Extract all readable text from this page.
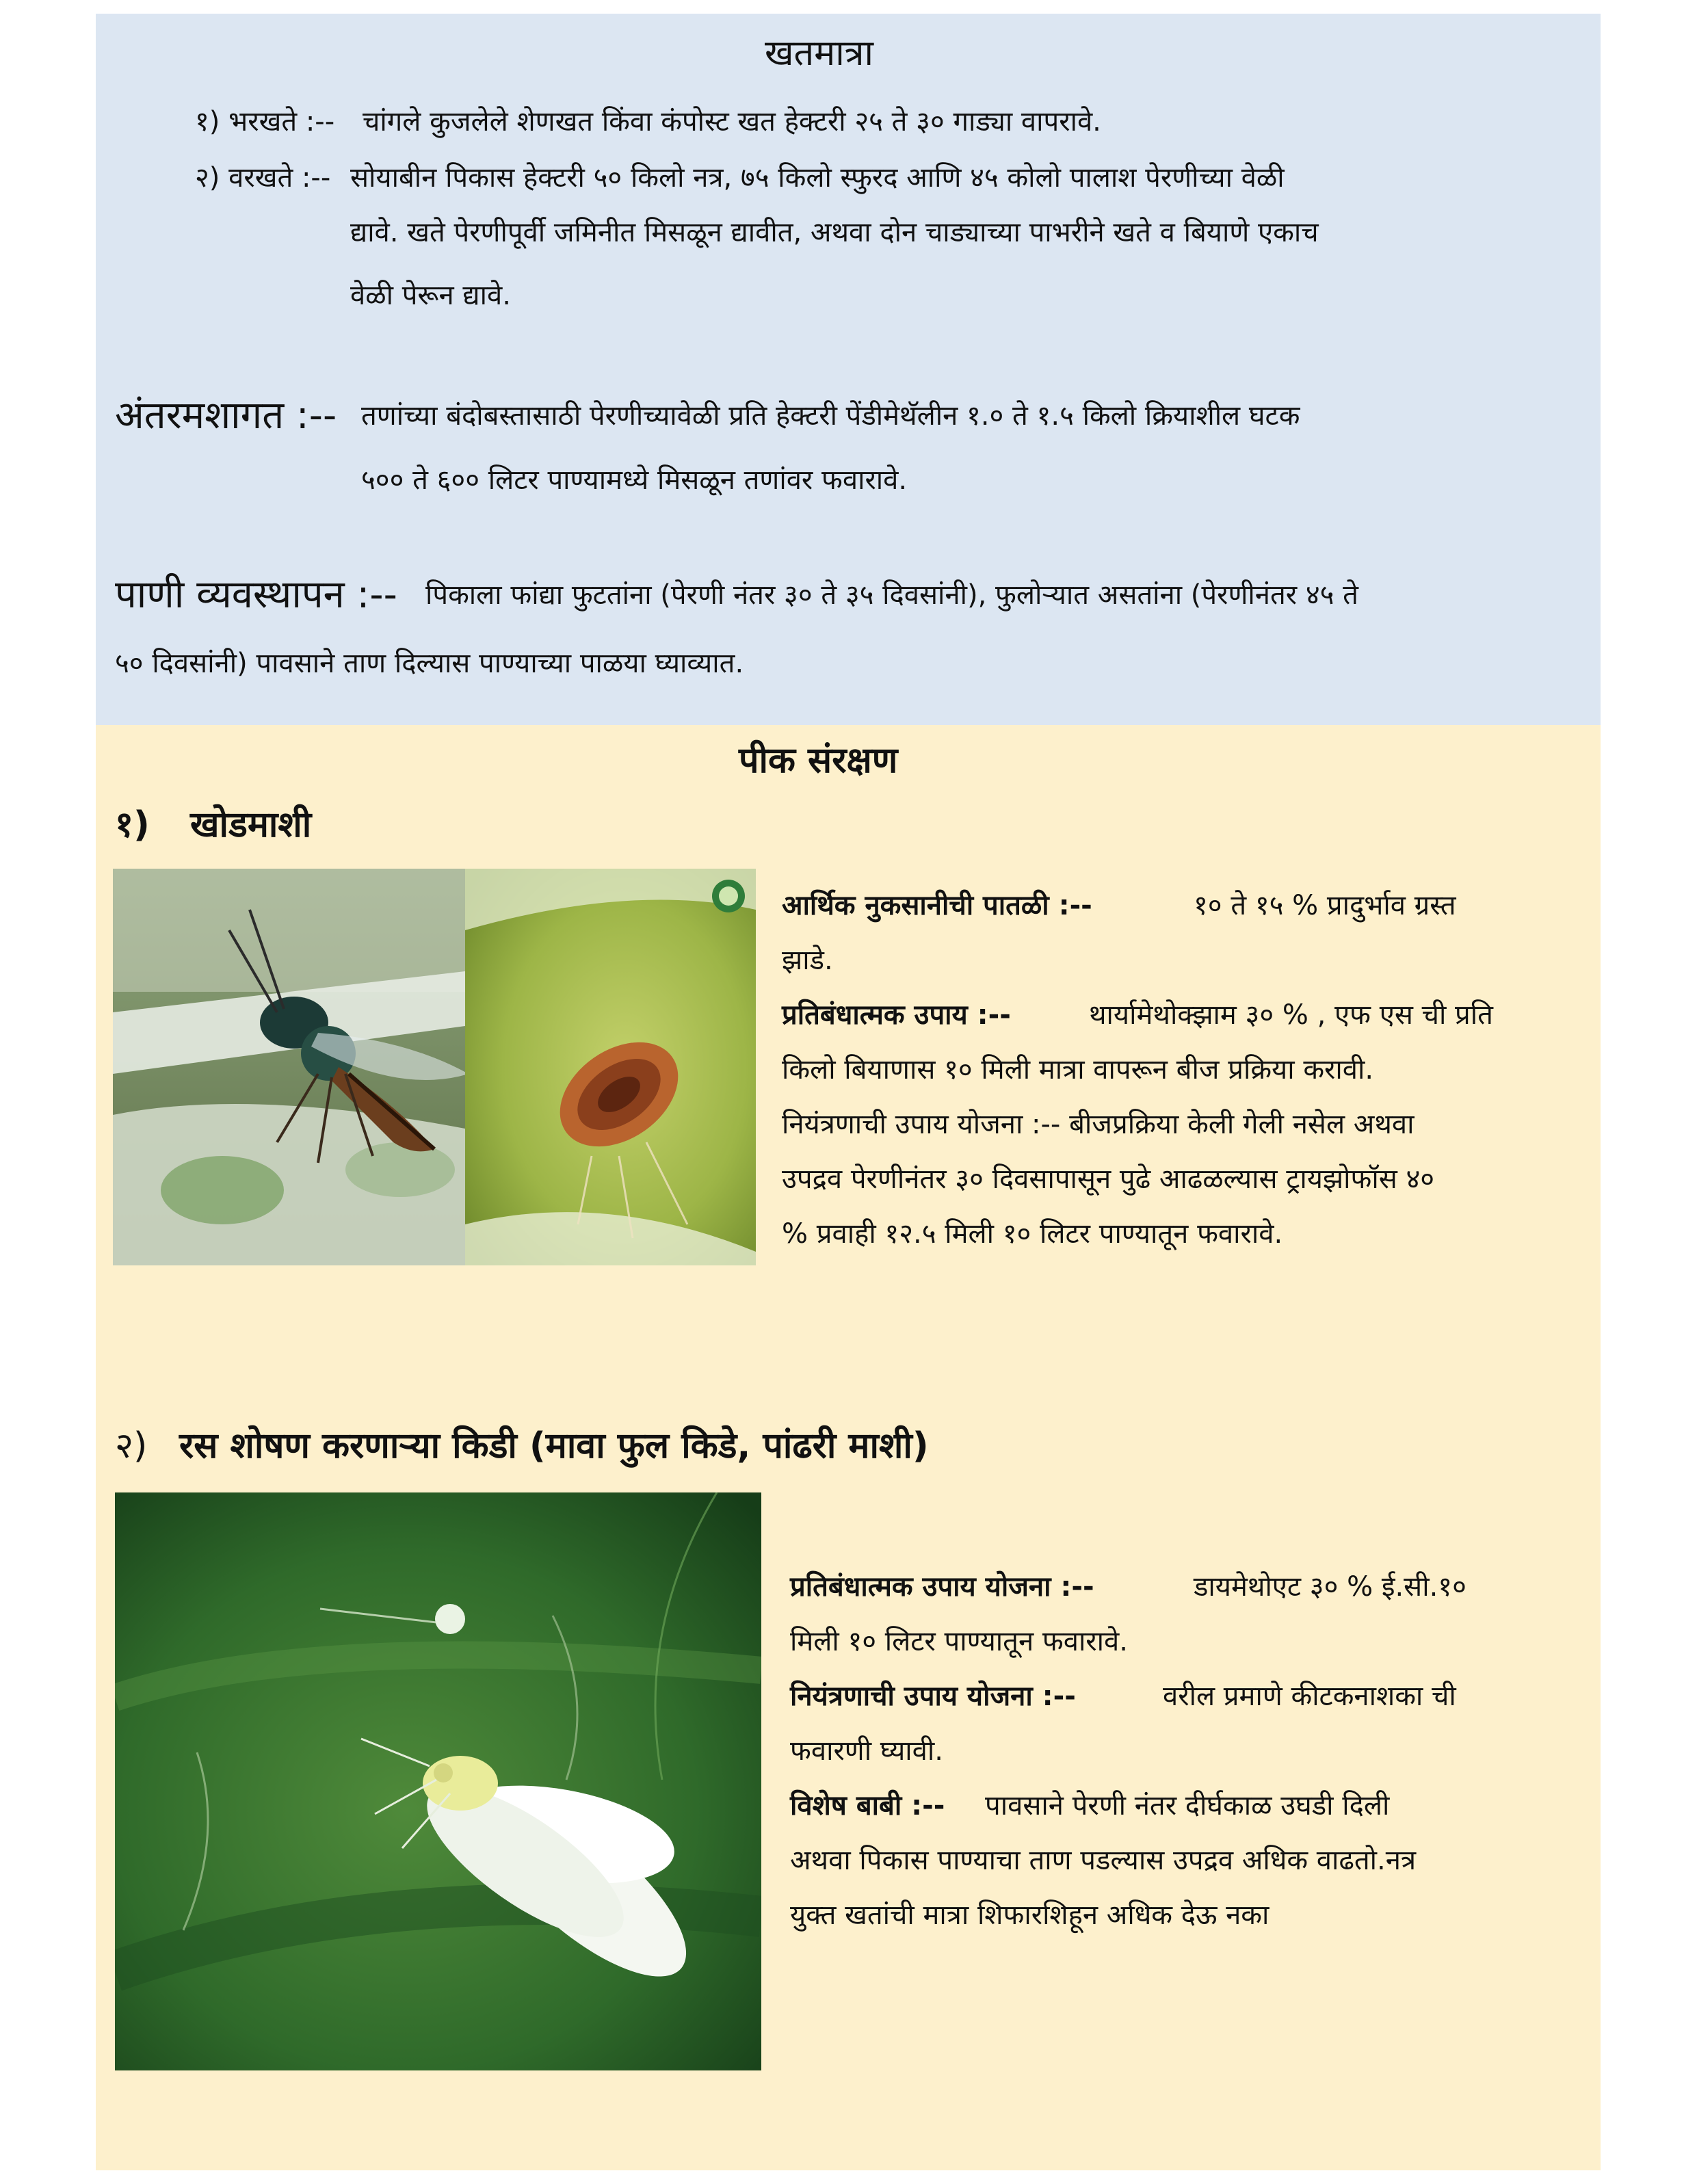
खतमात्रा
१) भरखते :-- चांगले कुजलेले शेणखत किंवा कंपोस्ट खत हेक्टरी २५ ते ३० गाड्या वापरावे.
२) वरखते :-- सोयाबीन पिकास हेक्टरी ५० किलो नत्र, ७५ किलो स्फुरद आणि ४५ कोलो पालाश पेरणीच्या वेळी
द्यावे. खते पेरणीपूर्वी जमिनीत मिसळून द्यावीत, अथवा दोन चाड्याच्या पाभरीने खते व बियाणे एकाच
वेळी पेरून द्यावे.
अंतरमशागत :-- तणांच्या बंदोबस्तासाठी पेरणीच्यावेळी प्रति हेक्टरी पेंडीमेथॅलीन १.० ते १.५ किलो क्रियाशील घटक
५०० ते ६०० लिटर पाण्यामध्ये मिसळून तणांवर फवारावे.
पाणी व्यवस्थापन :-- पिकाला फांद्या फुटतांना (पेरणी नंतर ३० ते ३५ दिवसांनी), फुलोऱ्यात असतांना (पेरणीनंतर ४५ ते
५० दिवसांनी) पावसाने ताण दिल्यास पाण्याच्या पाळया घ्याव्यात.
पीक संरक्षण
१) खोडमाशी
आर्थिक नुकसानीची पातळी :--	१० ते १५ % प्रादुर्भाव ग्रस्त
झाडे.
प्रतिबंधात्मक उपाय :--	थार्यामेथोक्झाम ३० % , एफ एस ची प्रति
किलो बियाणास १० मिली मात्रा वापरून बीज प्रक्रिया करावी.
नियंत्रणाची उपाय योजना :-- बीजप्रक्रिया केली गेली नसेल अथवा
उपद्रव पेरणीनंतर ३० दिवसापासून पुढे आढळल्यास ट्रायझोफॉस ४०
% प्रवाही १२.५ मिली १० लिटर पाण्यातून फवारावे.
२) रस शोषण करणाऱ्या किडी (मावा फुल किडे, पांढरी माशी)
प्रतिबंधात्मक उपाय योजना :--	डायमेथोएट ३० % ई.सी.१०
मिली १० लिटर पाण्यातून फवारावे.
नियंत्रणाची उपाय योजना :--	वरील प्रमाणे कीटकनाशका ची
फवारणी घ्यावी.
विशेष बाबी :-- पावसाने पेरणी नंतर दीर्घकाळ उघडी दिली
अथवा पिकास पाण्याचा ताण पडल्यास उपद्रव अधिक वाढतो.नत्र
युक्त खतांची मात्रा शिफारशिहून अधिक देऊ नका
